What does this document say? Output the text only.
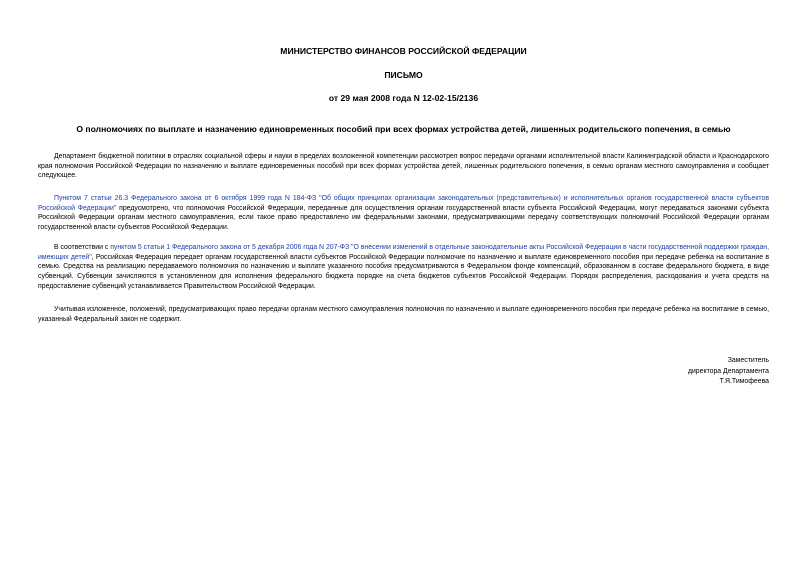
МИНИСТЕРСТВО ФИНАНСОВ РОССИЙСКОЙ ФЕДЕРАЦИИ
ПИСЬМО
от 29 мая 2008 года N 12-02-15/2136
О полномочиях по выплате и назначению единовременных пособий при всех формах устройства детей, лишенных родительского попечения, в семью
Департамент бюджетной политики в отраслях социальной сферы и науки в пределах возложенной компетенции рассмотрел вопрос передачи органами исполнительной власти Калининградской области и Краснодарского края полномочия Российской Федерации по назначению и выплате единовременных пособий при всех формах устройства детей, лишенных родительского попечения, в семью органам местного самоуправления и сообщает следующее.
Пунктом 7 статьи 26.3 Федерального закона от 6 октября 1999 года N 184-ФЗ "Об общих принципах организации законодательных (представительных) и исполнительных органов государственной власти субъектов Российской Федерации" предусмотрено, что полномочия Российской Федерации, переданные для осуществления органам государственной власти субъекта Российской Федерации, могут передаваться законами субъекта Российской Федерации органам местного самоуправления, если такое право предоставлено им федеральными законами, предусматривающими передачу соответствующих полномочий Российской Федерации органам государственной власти субъектов Российской Федерации.
В соответствии с пунктом 5 статьи 1 Федерального закона от 5 декабря 2006 года N 207-ФЗ "О внесении изменений в отдельные законодательные акты Российской Федерации в части государственной поддержки граждан, имеющих детей", Российская Федерация передает органам государственной власти субъектов Российской Федерации полномочие по назначению и выплате единовременного пособия при передаче ребенка на воспитание в семью. Средства на реализацию передаваемого полномочия по назначению и выплате указанного пособия предусматриваются в Федеральном фонде компенсаций, образованном в составе федерального бюджета, в виде субвенций. Субвенции зачисляются в установленном для исполнения федерального бюджета порядке на счета бюджетов субъектов Российской Федерации. Порядок распределения, расходования и учета средств на предоставление субвенций устанавливается Правительством Российской Федерации.
Учитывая изложенное, положений, предусматривающих право передачи органам местного самоуправления полномочия по назначению и выплате единовременного пособия при передаче ребенка на воспитание в семью, указанный Федеральный закон не содержит.
Заместитель
директора Департамента
Т.Я.Тимофеева
